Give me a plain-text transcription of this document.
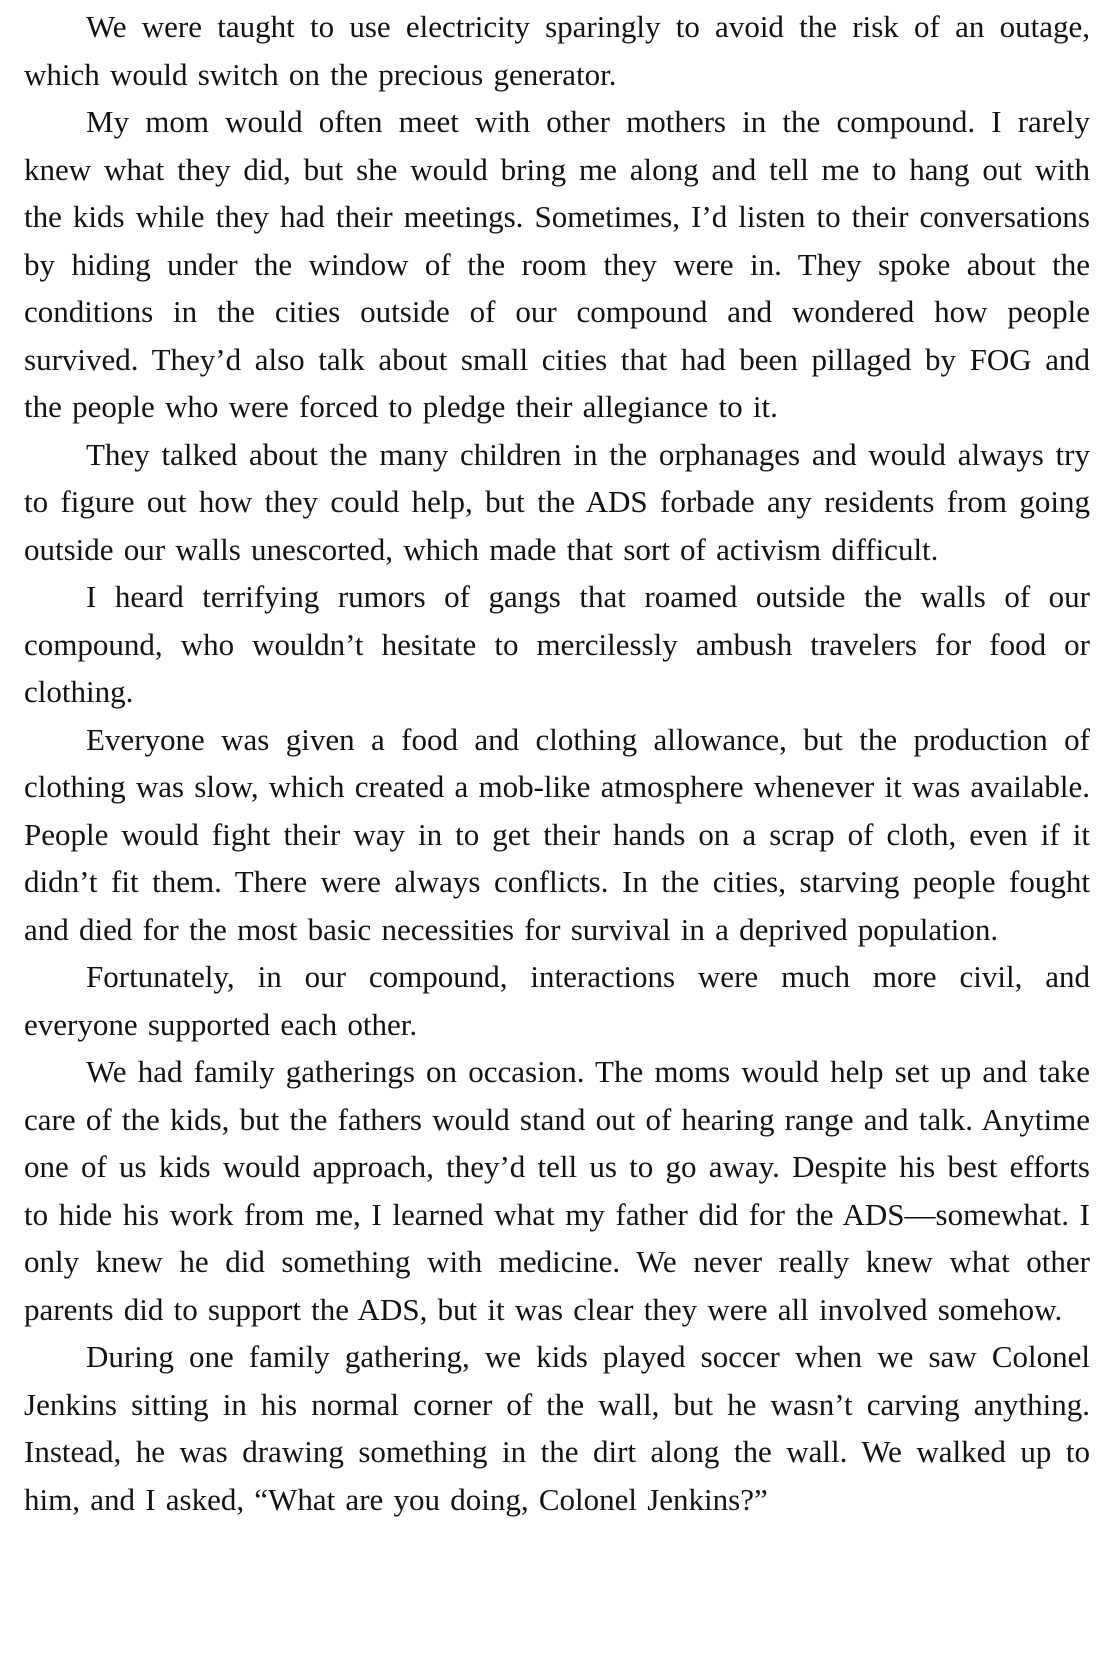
We were taught to use electricity sparingly to avoid the risk of an outage, which would switch on the precious generator.

My mom would often meet with other mothers in the compound. I rarely knew what they did, but she would bring me along and tell me to hang out with the kids while they had their meetings. Sometimes, I’d listen to their conversations by hiding under the window of the room they were in. They spoke about the conditions in the cities outside of our compound and wondered how people survived. They’d also talk about small cities that had been pillaged by FOG and the people who were forced to pledge their allegiance to it.

They talked about the many children in the orphanages and would always try to figure out how they could help, but the ADS forbade any residents from going outside our walls unescorted, which made that sort of activism difficult.

I heard terrifying rumors of gangs that roamed outside the walls of our compound, who wouldn’t hesitate to mercilessly ambush travelers for food or clothing.

Everyone was given a food and clothing allowance, but the production of clothing was slow, which created a mob-like atmosphere whenever it was available. People would fight their way in to get their hands on a scrap of cloth, even if it didn’t fit them. There were always conflicts. In the cities, starving people fought and died for the most basic necessities for survival in a deprived population.

Fortunately, in our compound, interactions were much more civil, and everyone supported each other.

We had family gatherings on occasion. The moms would help set up and take care of the kids, but the fathers would stand out of hearing range and talk. Anytime one of us kids would approach, they’d tell us to go away. Despite his best efforts to hide his work from me, I learned what my father did for the ADS—somewhat. I only knew he did something with medicine. We never really knew what other parents did to support the ADS, but it was clear they were all involved somehow.

During one family gathering, we kids played soccer when we saw Colonel Jenkins sitting in his normal corner of the wall, but he wasn’t carving anything. Instead, he was drawing something in the dirt along the wall. We walked up to him, and I asked, “What are you doing, Colonel Jenkins?”
